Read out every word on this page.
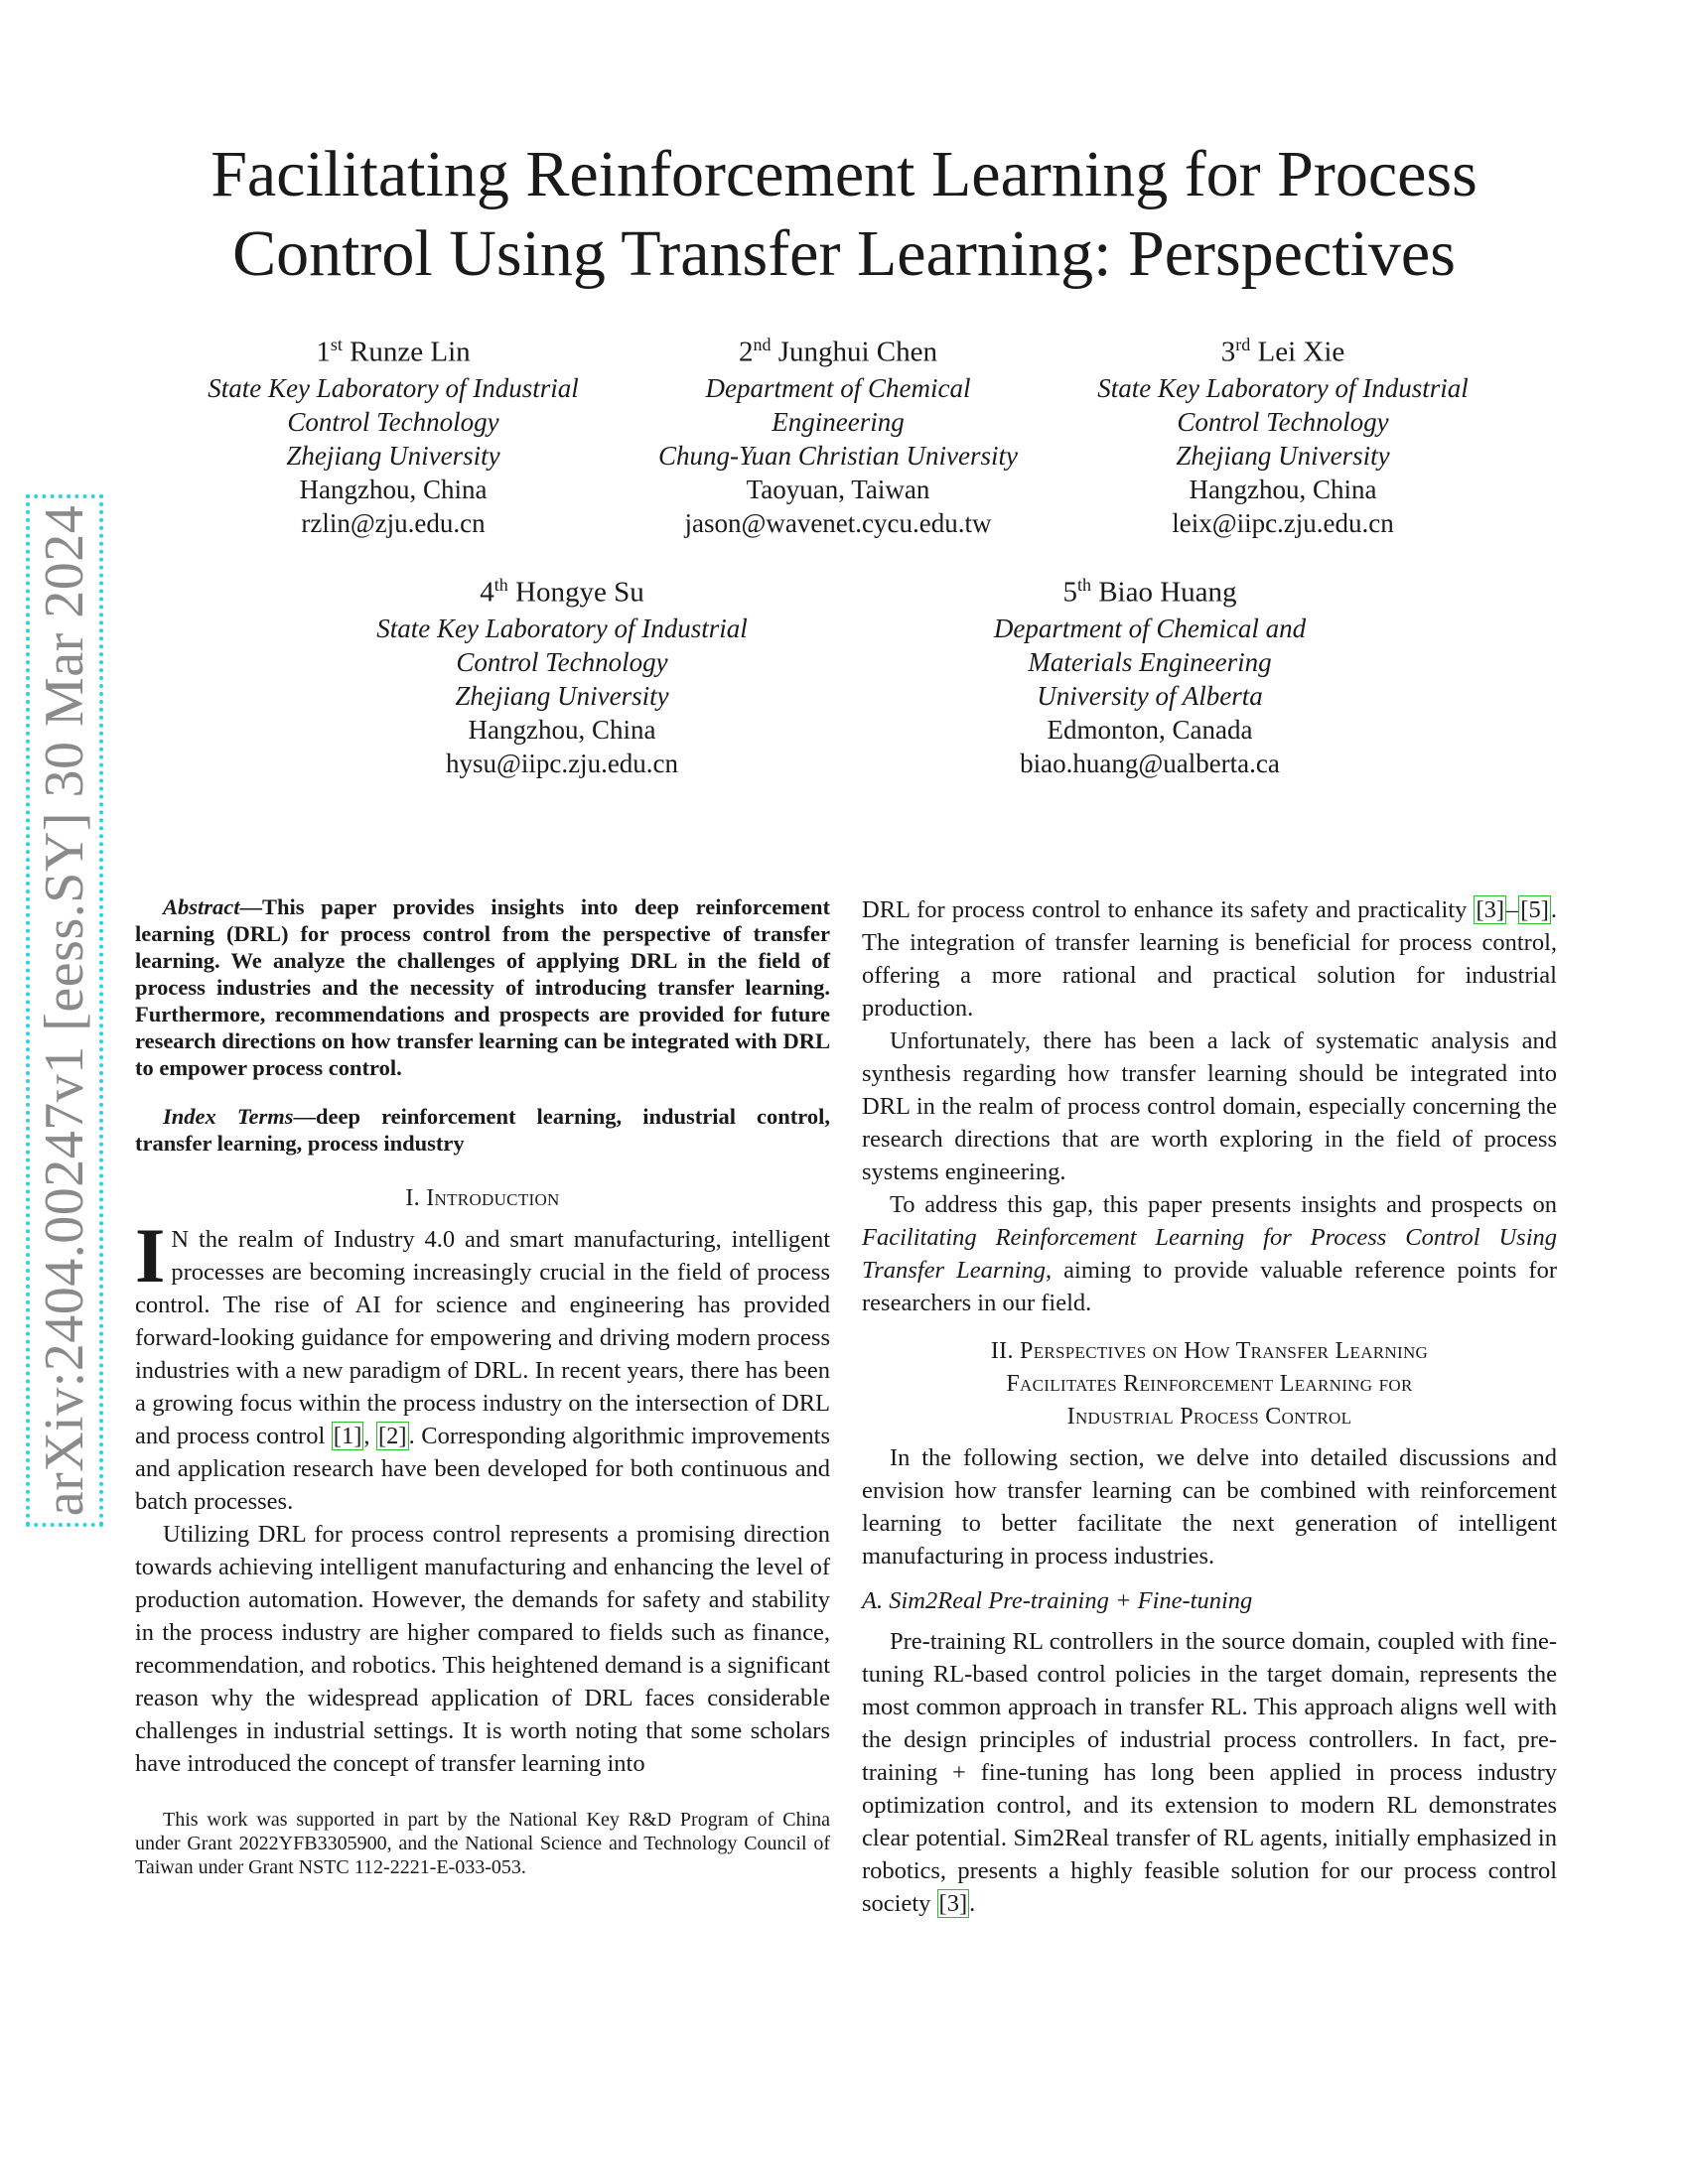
arXiv:2404.00247v1 [eess.SY] 30 Mar 2024
Facilitating Reinforcement Learning for Process
Control Using Transfer Learning: Perspectives
1st Runze Lin
State Key Laboratory of Industrial
Control Technology
Zhejiang University
Hangzhou, China
rzlin@zju.edu.cn
2nd Junghui Chen
Department of Chemical
Engineering
Chung-Yuan Christian University
Taoyuan, Taiwan
jason@wavenet.cycu.edu.tw
3rd Lei Xie
State Key Laboratory of Industrial
Control Technology
Zhejiang University
Hangzhou, China
leix@iipc.zju.edu.cn
4th Hongye Su
State Key Laboratory of Industrial
Control Technology
Zhejiang University
Hangzhou, China
hysu@iipc.zju.edu.cn
5th Biao Huang
Department of Chemical and
Materials Engineering
University of Alberta
Edmonton, Canada
biao.huang@ualberta.ca

Abstract—This paper provides insights into deep reinforcement learning (DRL) for process control from the perspective of transfer learning. We analyze the challenges of applying DRL in the field of process industries and the necessity of introducing transfer learning. Furthermore, recommendations and prospects are provided for future research directions on how transfer learning can be integrated with DRL to empower process control.

Index Terms—deep reinforcement learning, industrial control, transfer learning, process industry

I. Introduction

I N the realm of Industry 4.0 and smart manufacturing, intelligent processes are becoming increasingly crucial in the field of process control. The rise of AI for science and engineering has provided forward-looking guidance for empowering and driving modern process industries with a new paradigm of DRL. In recent years, there has been a growing focus within the process industry on the intersection of DRL and process control [1], [2]. Corresponding algorithmic improvements and application research have been developed for both continuous and batch processes.

Utilizing DRL for process control represents a promising direction towards achieving intelligent manufacturing and enhancing the level of production automation. However, the demands for safety and stability in the process industry are higher compared to fields such as finance, recommendation, and robotics. This heightened demand is a significant reason why the widespread application of DRL faces considerable challenges in industrial settings. It is worth noting that some scholars have introduced the concept of transfer learning into

This work was supported in part by the National Key R&D Program of China under Grant 2022YFB3305900, and the National Science and Technology Council of Taiwan under Grant NSTC 112-2221-E-033-053.

DRL for process control to enhance its safety and practicality [3]–[5]. The integration of transfer learning is beneficial for process control, offering a more rational and practical solution for industrial production.

Unfortunately, there has been a lack of systematic analysis and synthesis regarding how transfer learning should be integrated into DRL in the realm of process control domain, especially concerning the research directions that are worth exploring in the field of process systems engineering.

To address this gap, this paper presents insights and prospects on Facilitating Reinforcement Learning for Process Control Using Transfer Learning, aiming to provide valuable reference points for researchers in our field.

II. Perspectives on How Transfer Learning
Facilitates Reinforcement Learning for
Industrial Process Control

In the following section, we delve into detailed discussions and envision how transfer learning can be combined with reinforcement learning to better facilitate the next generation of intelligent manufacturing in process industries.

A. Sim2Real Pre-training + Fine-tuning

Pre-training RL controllers in the source domain, coupled with fine-tuning RL-based control policies in the target domain, represents the most common approach in transfer RL. This approach aligns well with the design principles of industrial process controllers. In fact, pre-training + fine-tuning has long been applied in process industry optimization control, and its extension to modern RL demonstrates clear potential. Sim2Real transfer of RL agents, initially emphasized in robotics, presents a highly feasible solution for our process control society [3].
